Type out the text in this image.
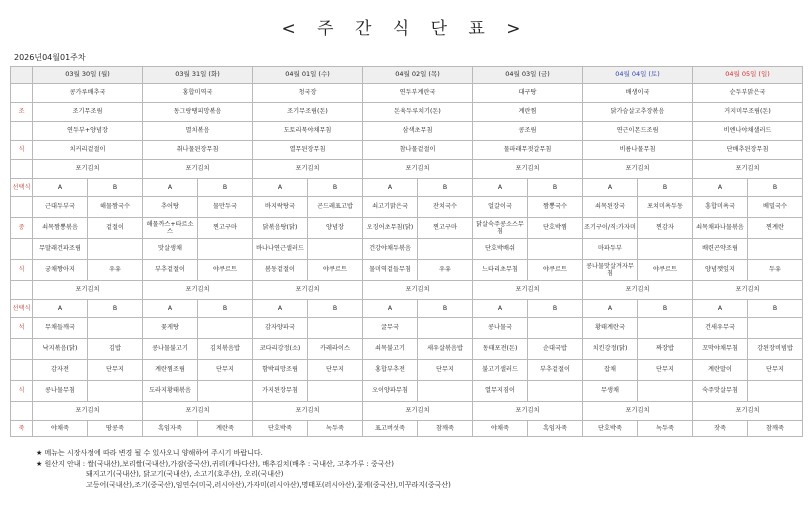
< 주 간 식 단 표 >
2026년04월01주차
	03월 30일 (월)		03월 31일 (화)		04월 01일 (수)		04월 02일 (목)		04월 03일 (금)		04월 04일 (토)		04월 05일 (일)	
	콩가루배추국		홍합미역국		청국장		연두부계란국		대구탕		배생이국		순두부맑은국	
조	조기무조림		동그랑땡피망볶음		조기무조림(돈)		돈육두루치기(돈)		계란찜		닭가슴살고추장볶음		거지미무조림(돈)	
	연두부+양념장		멸치볶음		도토리묵야채무침		삼색초무침		콩조림		연근이몬드조림		비엔나야채샐러드	
식	치커리겉절이		취나물된장무침		열무된장무침		참나물겉절이		물파래무젓갈무침		비름나물무침		단배추된장무침	
	포기김치		포기김치		포기김치		포기김치		포기김치		포기김치		포기김치	
선택식	A	B	A	B	A	B	A	B	A	B	A	B	A	B
	근대두부국	해물짬국수	추어탕	물만두국	바지락탕국	곤드레표고밥	쇠고기맑은국	잔치국수	얼갈이국	짬뽕국수	쇠목된장국	포치미욕두동	흥합미욕국	베밀국수
중	쇠목짬뽕볶음	겉절이	해물까스+타르소스	찐고구마	닭볶음탕(닭)	양념장	오징어초무침(닭)	찐고구마	닭살숙주콩소스무침	단호박찜	조기구이/직:가자미	찐감자	쇠목채파나물볶음	찐계란
	무말래건파조림		맛살생채		바나나연근샐러드		건강야채두볶음		단호박배쉬		마파두부		배련곤약조림	
식	궁채짱아지	우유	부추겉절이	야쿠르트	봄동겉절이	야쿠르트	물미역겉들무침	우유	느타리초무침	야쿠르트	콩나물맛살겨자무침	야쿠르트	양념깻잎지	두유
	포기김치		포기김치		포기김치		포기김치		포기김치		포기김치		포기김치	
선택식	A	B	A	B	A	B	A	B	A	B	A	B	A	B
석	무채들깨국		꽃게탕		감자양파국		굴무국		콩나물국		황태계란국		건새우무국	
	낙지볶음(닭)	김밥	콩나물불고기	김치볶음밥	코다리강정(소)	카레라이스	쇠목불고기	새우살볶음밥	동태포전(돈)	순대국밥	치킨강정(닭)	짜장밥	꼬막야채무침	강된장비빔밥
	감자전	단무지	계란찜조림	단무지	함박피망조림	단무지	홍합부추전	단무지	불고기샐러드	부추겉절이	잡채	단무지	계란말이	단무지
식	콩나물무침		도라지황태볶음		가지된장무침		오이양파무침		열무지짐이		무생채		숙주맛살무침	
	포기김치		포기김치		포기김치		포기김치		포기김치		포기김치		포기김치	
죽	야채죽	땅콩죽	흑임자죽	계란죽	단호박죽	녹두죽	표고버섯죽	참깨죽	야채죽	흑임자죽	단호박죽	녹두죽	잣죽	참깨죽
★ 메뉴는 시장사정에 따라 변경 될 수 있사오니 양해하여 주시기 바랍니다.
★ 원산지 안내 : 쌀(국내산),보리쌀(국내산),가잠(중국산),귀리(캐나다산), 배추김치(배추 : 국내산, 고추가루 : 중국산)
돼지고기(국내산), 닭고기(국내산), 소고기(호주산), 오리(국내산)
고등어(국내산),조기(중국산),임연수(미국,러시아산),가자미(러시아산),명태포(러시아산),꽃게(중국산),미꾸라지(중국산)
